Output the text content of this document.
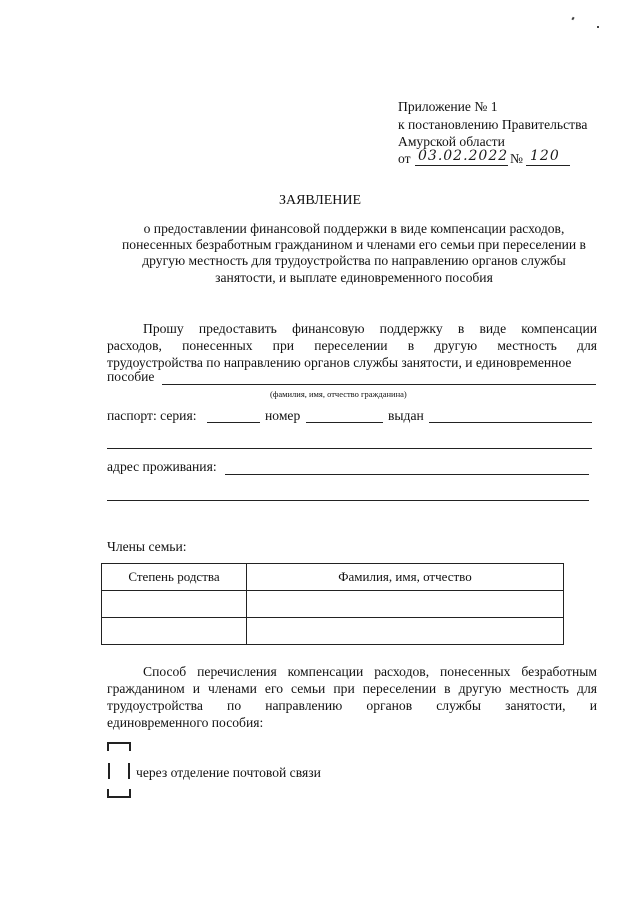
Приложение № 1
к постановлению Правительства
Амурской области
от 03.02.2022 № 120
ЗАЯВЛЕНИЕ
о предоставлении финансовой поддержки в виде компенсации расходов,
понесенных безработным гражданином и членами его семьи при переселении в
другую местность для трудоустройства по направлению органов службы
занятости, и выплате единовременного пособия
Прошу предоставить финансовую поддержку в виде компенсации
расходов, понесенных при переселении в другую местность для
трудоустройства по направлению органов службы занятости, и единовременное
пособие
(фамилия, имя, отчество гражданина)
паспорт: серия:	номер	выдан
адрес проживания:
Члены семьи:
Степень родства	Фамилия, имя, отчество

Способ перечисления компенсации расходов, понесенных безработным
гражданином и членами его семьи при переселении в другую местность для
трудоустройства по направлению органов службы занятости, и
единовременного пособия:
через отделение почтовой связи
